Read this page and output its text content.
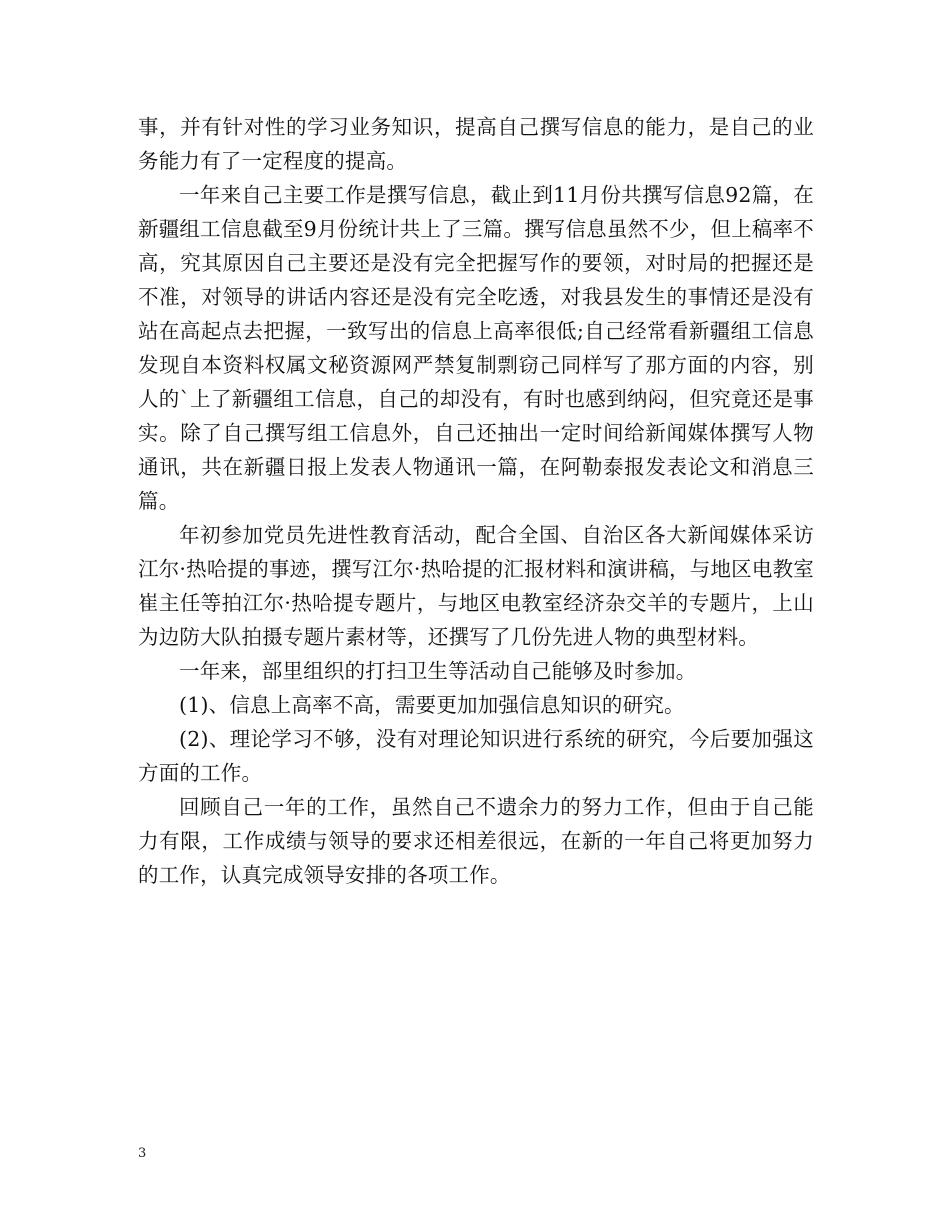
事，并有针对性的学习业务知识，提高自己撰写信息的能力，是自己的业务能力有了一定程度的提高。

一年来自己主要工作是撰写信息，截止到11月份共撰写信息92篇，在新疆组工信息截至9月份统计共上了三篇。撰写信息虽然不少，但上稿率不高，究其原因自己主要还是没有完全把握写作的要领，对时局的把握还是不准，对领导的讲话内容还是没有完全吃透，对我县发生的事情还是没有站在高起点去把握，一致写出的信息上高率很低;自己经常看新疆组工信息发现自本资料权属文秘资源网严禁复制剽窃己同样写了那方面的内容，别人的`上了新疆组工信息，自己的却没有，有时也感到纳闷，但究竟还是事实。除了自己撰写组工信息外，自己还抽出一定时间给新闻媒体撰写人物通讯，共在新疆日报上发表人物通讯一篇，在阿勒泰报发表论文和消息三篇。

年初参加党员先进性教育活动，配合全国、自治区各大新闻媒体采访江尔·热哈提的事迹，撰写江尔·热哈提的汇报材料和演讲稿，与地区电教室崔主任等拍江尔·热哈提专题片，与地区电教室经济杂交羊的专题片，上山为边防大队拍摄专题片素材等，还撰写了几份先进人物的典型材料。

一年来，部里组织的打扫卫生等活动自己能够及时参加。

(1)、信息上高率不高，需要更加加强信息知识的研究。

(2)、理论学习不够，没有对理论知识进行系统的研究，今后要加强这方面的工作。

回顾自己一年的工作，虽然自己不遗余力的努力工作，但由于自己能力有限，工作成绩与领导的要求还相差很远，在新的一年自己将更加努力的工作，认真完成领导安排的各项工作。

3
